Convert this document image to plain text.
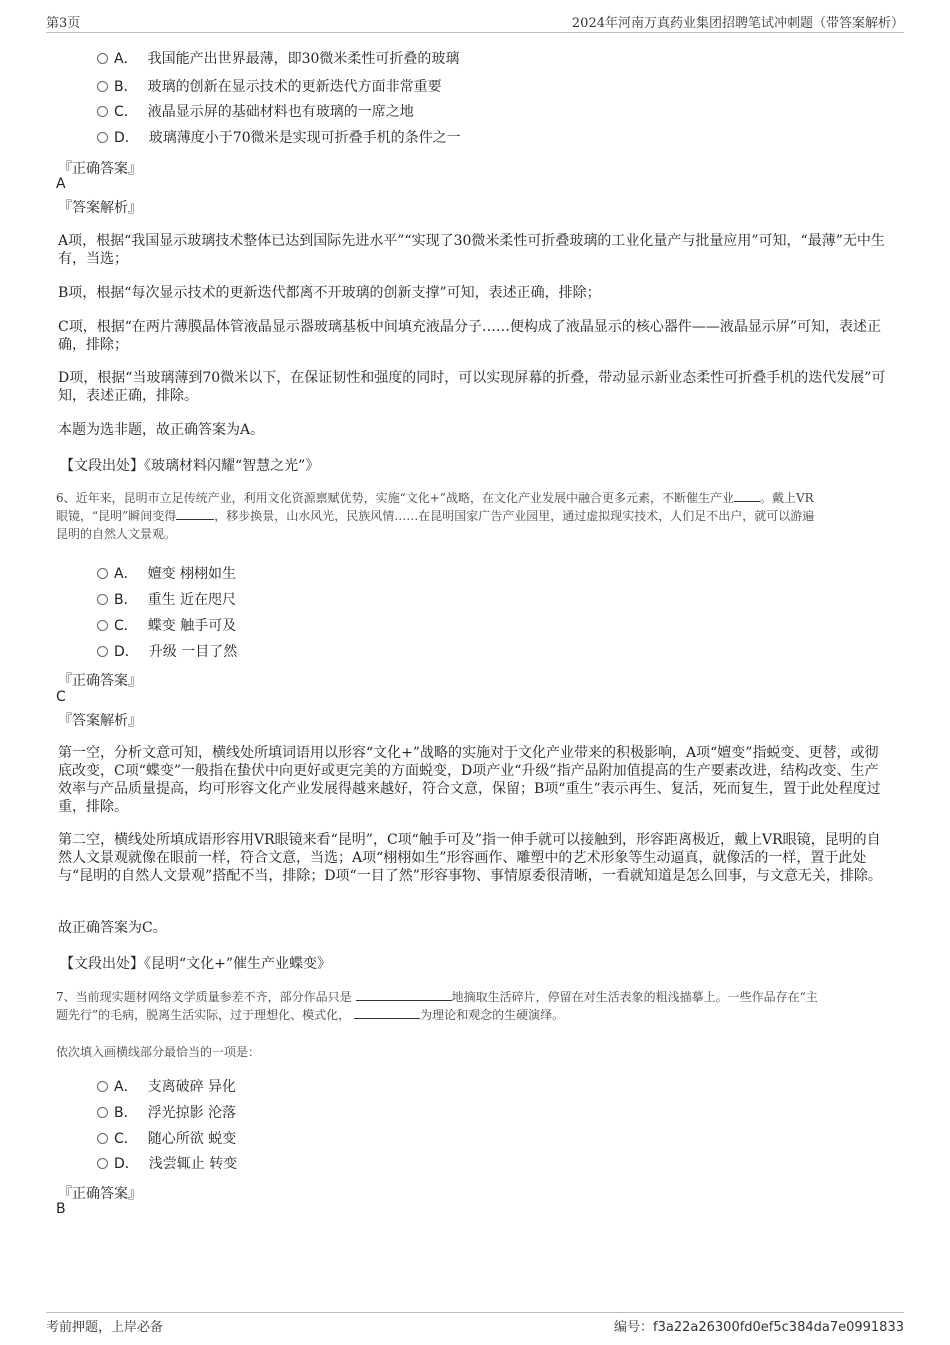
第3页	2024年河南万真药业集团招聘笔试冲刺题（带答案解析）
A． 我国能产出世界最薄，即30微米柔性可折叠的玻璃
B． 玻璃的创新在显示技术的更新迭代方面非常重要
C． 液晶显示屏的基础材料也有玻璃的一席之地
D． 玻璃薄度小于70微米是实现可折叠手机的条件之一
『正确答案』
A
『答案解析』
A项，根据“我国显示玻璃技术整体已达到国际先进水平”“实现了30微米柔性可折叠玻璃的工业化量产与批量应用”可知，“最薄”无中生有，当选；
B项，根据“每次显示技术的更新迭代都离不开玻璃的创新支撑”可知，表述正确，排除；
C项，根据“在两片薄膜晶体管液晶显示器玻璃基板中间填充液晶分子……便构成了液晶显示的核心器件——液晶显示屏”可知，表述正确，排除；
D项，根据“当玻璃薄到70微米以下，在保证韧性和强度的同时，可以实现屏幕的折叠，带动显示新业态柔性可折叠手机的迭代发展”可知，表述正确，排除。
本题为选非题，故正确答案为A。
【文段出处】《玻璃材料闪耀“智慧之光”》
6、近年来，昆明市立足传统产业，利用文化资源禀赋优势，实施“文化+”战略，在文化产业发展中融合更多元素，不断催生产业 。戴上VR
眼镜，“昆明”瞬间变得	，移步换景，山水风光，民族风情……在昆明国家广告产业园里，通过虚拟现实技术，人们足不出户，就可以游遍
昆明的自然人文景观。
A． 嬗变 栩栩如生
B． 重生 近在咫尺
C． 蝶变 触手可及
D． 升级 一目了然
『正确答案』
C
『答案解析』
第一空，分析文意可知，横线处所填词语用以形容“文化+”战略的实施对于文化产业带来的积极影响，A项“嬗变”指蜕变、更替，或彻底改变，C项“蝶变”一般指在蛰伏中向更好或更完美的方面蜕变，D项产业“升级”指产品附加值提高的生产要素改进，结构改变、生产效率与产品质量提高，均可形容文化产业发展得越来越好，符合文意，保留；B项“重生”表示再生、复活，死而复生，置于此处程度过重，排除。
第二空，横线处所填成语形容用VR眼镜来看“昆明”，C项“触手可及”指一伸手就可以接触到，形容距离极近，戴上VR眼镜，昆明的自然人文景观就像在眼前一样，符合文意，当选；A项“栩栩如生”形容画作、雕塑中的艺术形象等生动逼真，就像活的一样，置于此处与“昆明的自然人文景观”搭配不当，排除；D项“一目了然”形容事物、事情原委很清晰，一看就知道是怎么回事，与文意无关，排除。
故正确答案为C。
【文段出处】《昆明“文化+”催生产业蝶变》
7、当前现实题材网络文学质量参差不齐，部分作品只是	地摘取生活碎片，停留在对生活表象的粗浅描摹上。一些作品存在“主
题先行”的毛病，脱离生活实际，过于理想化、模式化，	为理论和观念的生硬演绎。
依次填入画横线部分最恰当的一项是：
A． 支离破碎 异化
B． 浮光掠影 沦落
C． 随心所欲 蜕变
D． 浅尝辄止 转变
『正确答案』
B
考前押题，上岸必备	编号：f3a22a26300fd0ef5c384da7e0991833
